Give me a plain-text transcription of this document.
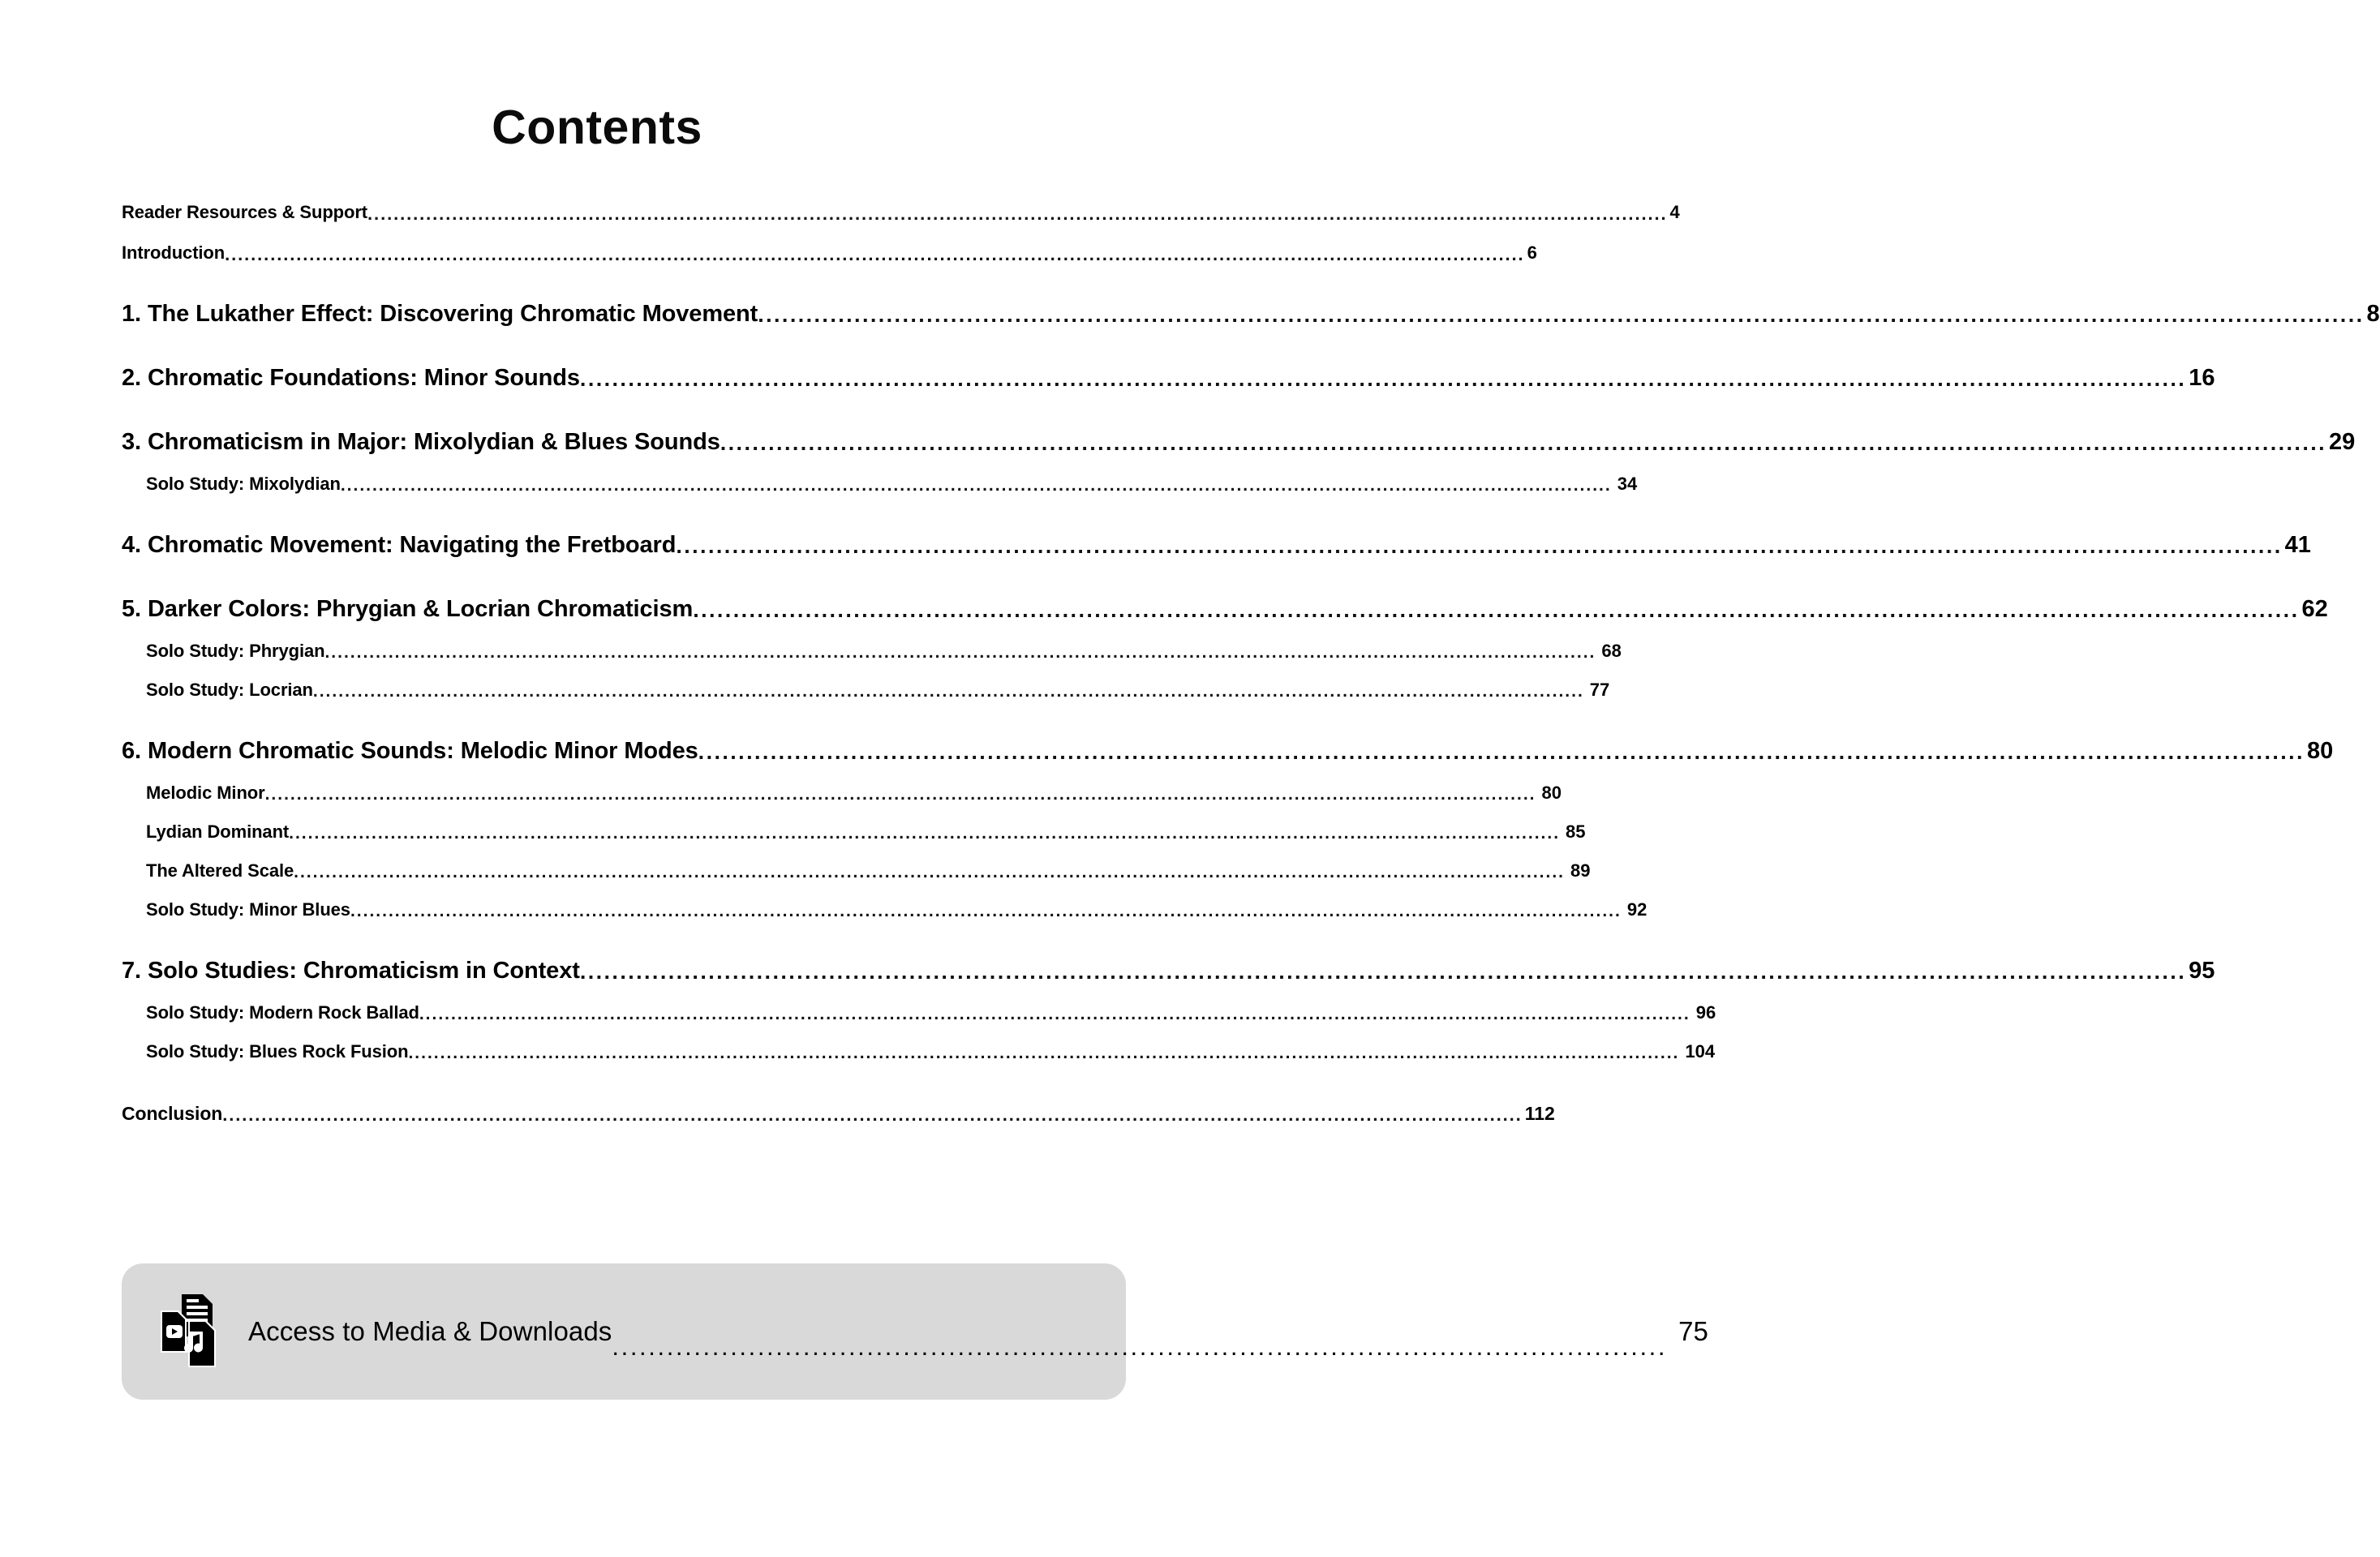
Contents
Reader Resources & Support .....	4
Introduction .....	6
1. The Lukather Effect: Discovering Chromatic Movement .....	8
2. Chromatic Foundations: Minor Sounds .....	16
3. Chromaticism in Major: Mixolydian & Blues Sounds .....	29
Solo Study: Mixolydian .....	34
4. Chromatic Movement: Navigating the Fretboard .....	41
5. Darker Colors: Phrygian & Locrian Chromaticism .....	62
Solo Study: Phrygian .....	68
Solo Study: Locrian .....	77
6. Modern Chromatic Sounds: Melodic Minor Modes .....	80
Melodic Minor .....	80
Lydian Dominant .....	85
The Altered Scale .....	89
Solo Study: Minor Blues .....	92
7. Solo Studies: Chromaticism in Context .....	95
Solo Study: Modern Rock Ballad .....	96
Solo Study: Blues Rock Fusion .....	104
Conclusion .....	112
Access to Media & Downloads .....	75
